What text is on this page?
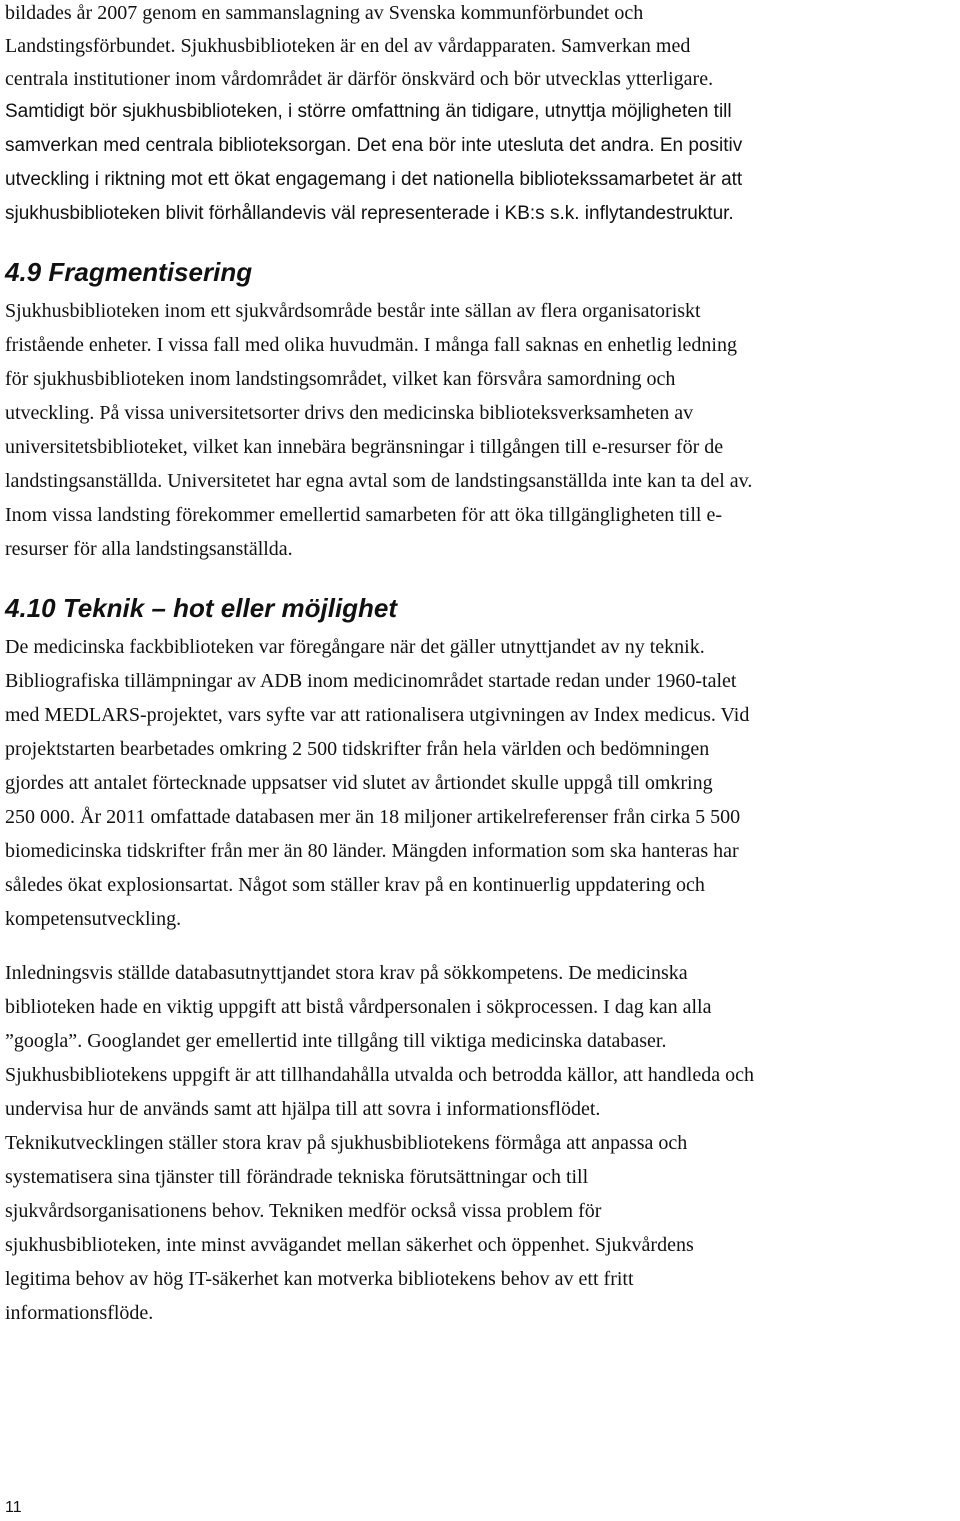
bildades år 2007 genom en sammanslagning av Svenska kommunförbundet och
Landstingsförbundet. Sjukhusbiblioteken är en del av vårdapparaten. Samverkan med
centrala institutioner inom vårdområdet är därför önskvärd och bör utvecklas ytterligare.
Samtidigt bör sjukhusbiblioteken, i större omfattning än tidigare, utnyttja möjligheten till
samverkan med centrala biblioteksorgan. Det ena bör inte utesluta det andra. En positiv
utveckling i riktning mot ett ökat engagemang i det nationella bibliotekssamarbetet är att
sjukhusbiblioteken blivit förhållandevis väl representerade i KB:s s.k. inflytandestruktur.
4.9 Fragmentisering
Sjukhusbiblioteken inom ett sjukvårdsområde består inte sällan av flera organisatoriskt
fristående enheter. I vissa fall med olika huvudmän. I många fall saknas en enhetlig ledning
för sjukhusbiblioteken inom landstingsområdet, vilket kan försvåra samordning och
utveckling. På vissa universitetsorter drivs den medicinska biblioteksverksamheten av
universitetsbiblioteket, vilket kan innebära begränsningar i tillgången till e-resurser för de
landstingsanställda. Universitetet har egna avtal som de landstingsanställda inte kan ta del av.
Inom vissa landsting förekommer emellertid samarbeten för att öka tillgängligheten till e-
resurser för alla landstingsanställda.
4.10 Teknik – hot eller möjlighet
De medicinska fackbiblioteken var föregångare när det gäller utnyttjandet av ny teknik.
Bibliografiska tillämpningar av ADB inom medicinområdet startade redan under 1960-talet
med MEDLARS-projektet, vars syfte var att rationalisera utgivningen av Index medicus. Vid
projektstarten bearbetades omkring 2 500 tidskrifter från hela världen och bedömningen
gjordes att antalet förtecknade uppsatser vid slutet av årtiondet skulle uppgå till omkring
250 000. År 2011 omfattade databasen mer än 18 miljoner artikelreferenser från cirka 5 500
biomedicinska tidskrifter från mer än 80 länder. Mängden information som ska hanteras har
således ökat explosionsartat. Något som ställer krav på en kontinuerlig uppdatering och
kompetensutveckling.
Inledningsvis ställde databasutnyttjandet stora krav på sökkompetens. De medicinska
biblioteken hade en viktig uppgift att bistå vårdpersonalen i sökprocessen. I dag kan alla
”googla”. Googlandet ger emellertid inte tillgång till viktiga medicinska databaser.
Sjukhusbibliotekens uppgift är att tillhandahålla utvalda och betrodda källor, att handleda och
undervisa hur de används samt att hjälpa till att sovra i informationsflödet.
Teknikutvecklingen ställer stora krav på sjukhusbibliotekens förmåga att anpassa och
systematisera sina tjänster till förändrade tekniska förutsättningar och till
sjukvårdsorganisationens behov. Tekniken medför också vissa problem för
sjukhusbiblioteken, inte minst avvägandet mellan säkerhet och öppenhet. Sjukvårdens
legitima behov av hög IT-säkerhet kan motverka bibliotekens behov av ett fritt
informationsflöde.
11
